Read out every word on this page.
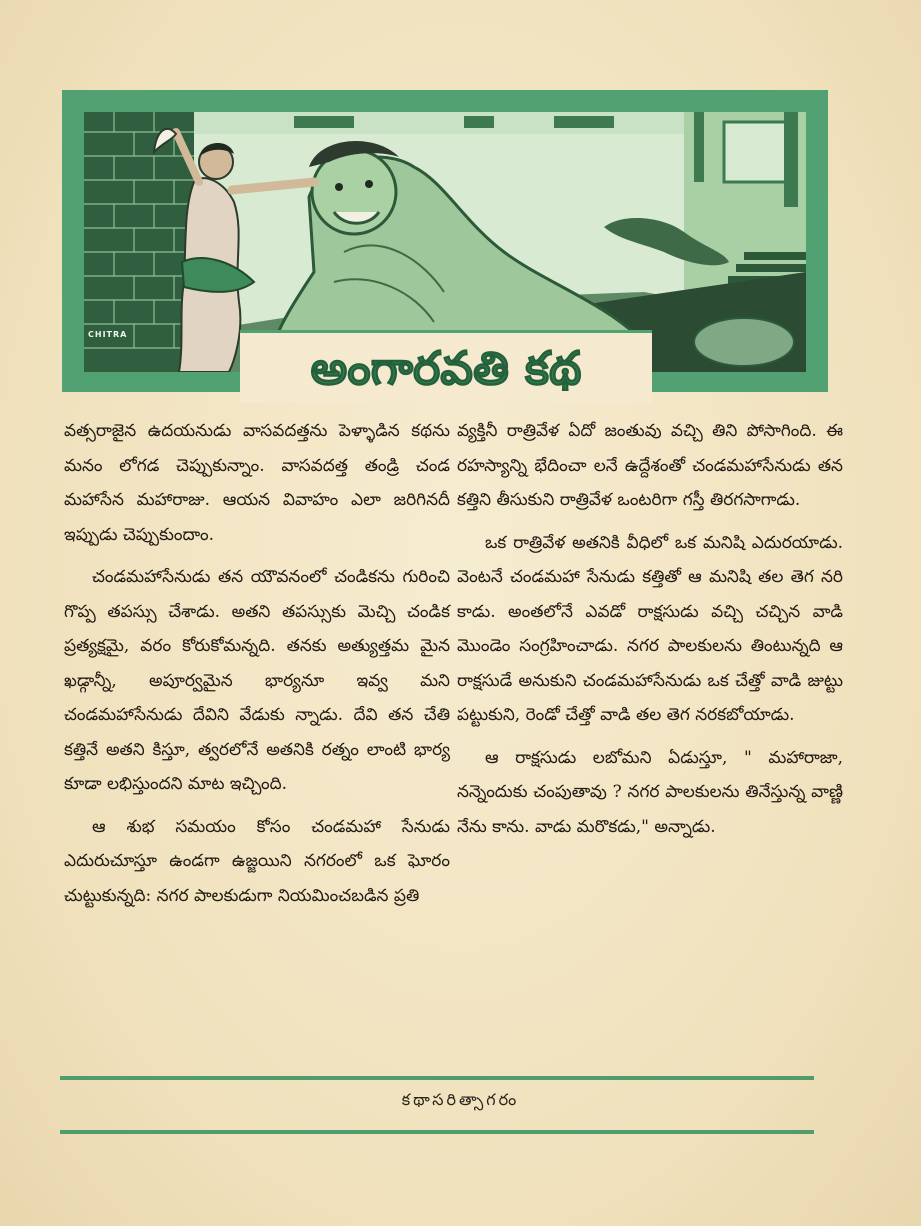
CHITRA
అంగారవతి కథ

వత్సరాజైన ఉదయనుడు వాసవదత్తను పెళ్ళాడిన కథను మనం లోగడ చెప్పుకున్నాం. వాసవదత్త తండ్రి చండ మహాసేన మహారాజు. ఆయన వివాహం ఎలా జరిగినదీ ఇప్పుడు చెప్పుకుందాం.

చండమహాసేనుడు తన యౌవనంలో చండికను గురించి గొప్ప తపస్సు చేశాడు. అతని తపస్సుకు మెచ్చి చండిక ప్రత్యక్షమై, వరం కోరుకోమన్నది. తనకు అత్యుత్తమ మైన ఖడ్గాన్నీ, అపూర్వమైన భార్యనూ ఇవ్వ మని చండమహాసేనుడు దేవిని వేడుకు న్నాడు. దేవి తన చేతి కత్తినే అతని కిస్తూ, త్వరలోనే అతనికి రత్నం లాంటి భార్య కూడా లభిస్తుందని మాట ఇచ్చింది.

ఆ శుభ సమయం కోసం చండమహా సేనుడు ఎదురుచూస్తూ ఉండగా ఉజ్జయిని నగరంలో ఒక ఘోరం చుట్టుకున్నది: నగర పాలకుడుగా నియమించబడిన ప్రతి

వ్యక్తినీ రాత్రివేళ ఏదో జంతువు వచ్చి తిని పోసాగింది. ఈ రహస్యాన్ని భేదించా లనే ఉద్దేశంతో చండమహాసేనుడు తన కత్తిని తీసుకుని రాత్రివేళ ఒంటరిగా గస్తీ తిరగసాగాడు.

ఒక రాత్రివేళ అతనికి వీధిలో ఒక మనిషి ఎదురయాడు. వెంటనే చండమహా సేనుడు కత్తితో ఆ మనిషి తల తెగ నరి కాడు. అంతలోనే ఎవడో రాక్షసుడు వచ్చి చచ్చిన వాడి మొండెం సంగ్రహించాడు. నగర పాలకులను తింటున్నది ఆ రాక్షసుడే అనుకుని చండమహాసేనుడు ఒక చేత్తో వాడి జుట్టు పట్టుకుని, రెండో చేత్తో వాడి తల తెగ నరకబోయాడు.

ఆ రాక్షసుడు లబోమని ఏడుస్తూ, " మహారాజా, నన్నెందుకు చంపుతావు ? నగర పాలకులను తినేస్తున్న వాణ్ణి నేను కాను. వాడు మరొకడు," అన్నాడు.

కథాసరిత్సాగరం
